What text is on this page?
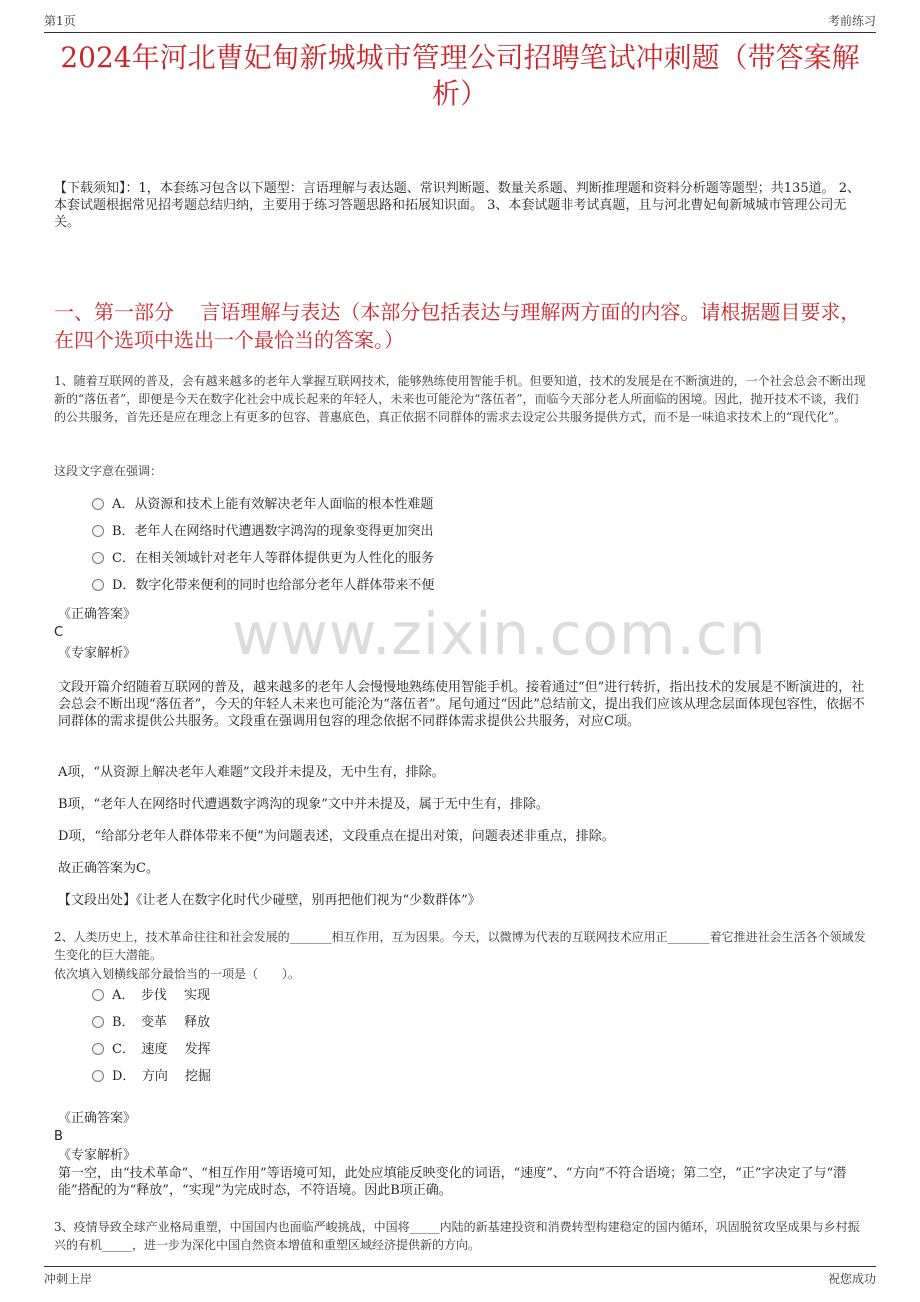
第1页	考前练习
2024年河北曹妃甸新城城市管理公司招聘笔试冲刺题（带答案解析）
【下载须知】：1，本套练习包含以下题型：言语理解与表达题、常识判断题、数量关系题、判断推理题和资料分析题等题型；共135道。 2、本套试题根据常见招考题总结归纳，主要用于练习答题思路和拓展知识面。 3、本套试题非考试真题，且与河北曹妃甸新城城市管理公司无关。
一、第一部分　 言语理解与表达（本部分包括表达与理解两方面的内容。请根据题目要求，在四个选项中选出一个最恰当的答案。）
1、随着互联网的普及，会有越来越多的老年人掌握互联网技术，能够熟练使用智能手机。但要知道，技术的发展是在不断演进的，一个社会总会不断出现新的“落伍者”，即便是今天在数字化社会中成长起来的年轻人，未来也可能沦为“落伍者”，而临今天部分老人所面临的困境。因此，抛开技术不谈，我们的公共服务，首先还是应在理念上有更多的包容、普惠底色，真正依据不同群体的需求去设定公共服务提供方式，而不是一味追求技术上的“现代化”。
这段文字意在强调：
A．从资源和技术上能有效解决老年人面临的根本性难题
B．老年人在网络时代遭遇数字鸿沟的现象变得更加突出
C．在相关领域针对老年人等群体提供更为人性化的服务
D．数字化带来便利的同时也给部分老年人群体带来不便
《正确答案》
C
《专家解析》 www.zixin.com.cn
文段开篇介绍随着互联网的普及，越来越多的老年人会慢慢地熟练使用智能手机。接着通过“但”进行转折，指出技术的发展是不断演进的，社会总会不断出现“落伍者”，今天的年轻人未来也可能沦为“落伍者”。尾句通过“因此”总结前文，提出我们应该从理念层面体现包容性，依据不同群体的需求提供公共服务。文段重在强调用包容的理念依据不同群体需求提供公共服务，对应C项。
A项，“从资源上解决老年人难题”文段并未提及，无中生有，排除。
B项，“老年人在网络时代遭遇数字鸿沟的现象”文中并未提及，属于无中生有，排除。
D项，“给部分老年人群体带来不便”为问题表述，文段重点在提出对策，问题表述非重点，排除。
故正确答案为C。
【文段出处】《让老人在数字化时代少碰壁，别再把他们视为“少数群体”》
2、人类历史上，技术革命往往和社会发展的_______相互作用，互为因果。今天，以微博为代表的互联网技术应用正_______着它推进社会生活各个领域发生变化的巨大潜能。
依次填入划横线部分最恰当的一项是（　　）。
A．　步伐　 实现
B．　变革　 释放
C．　速度　 发挥
D．　方向　 挖掘
《正确答案》
B
《专家解析》
第一空，由“技术革命”、“相互作用”等语境可知，此处应填能反映变化的词语，“速度”、“方向”不符合语境；第二空，“正”字决定了与“潜能”搭配的为“释放”，“实现”为完成时态，不符语境。因此B项正确。
3、疫情导致全球产业格局重塑，中国国内也面临严峻挑战，中国将_____内陆的新基建投资和消费转型构建稳定的国内循环，巩固脱贫攻坚成果与乡村振兴的有机_____，进一步为深化中国自然资本增值和重塑区域经济提供新的方向。
冲刺上岸	祝您成功
